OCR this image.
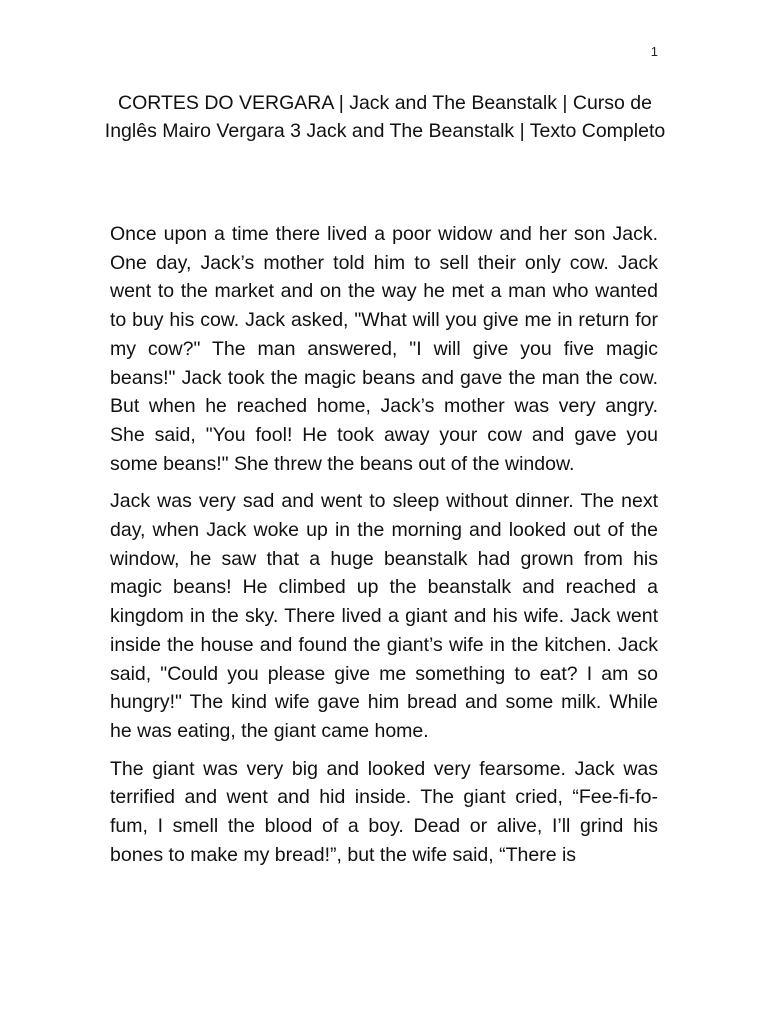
1
CORTES DO VERGARA | Jack and The Beanstalk | Curso de Inglês Mairo Vergara 3 Jack and The Beanstalk | Texto Completo

Once upon a time there lived a poor widow and her son Jack. One day, Jack’s mother told him to sell their only cow. Jack went to the market and on the way he met a man who wanted to buy his cow. Jack asked, "What will you give me in return for my cow?" The man answered, "I will give you five magic beans!" Jack took the magic beans and gave the man the cow. But when he reached home, Jack’s mother was very angry. She said, "You fool! He took away your cow and gave you some beans!" She threw the beans out of the window.

Jack was very sad and went to sleep without dinner. The next day, when Jack woke up in the morning and looked out of the window, he saw that a huge beanstalk had grown from his magic beans! He climbed up the beanstalk and reached a kingdom in the sky. There lived a giant and his wife. Jack went inside the house and found the giant’s wife in the kitchen. Jack said, "Could you please give me something to eat? I am so hungry!" The kind wife gave him bread and some milk. While he was eating, the giant came home.

The giant was very big and looked very fearsome. Jack was terrified and went and hid inside. The giant cried, “Fee-fi-fo-fum, I smell the blood of a boy. Dead or alive, I’ll grind his bones to make my bread!”, but the wife said, “There is
